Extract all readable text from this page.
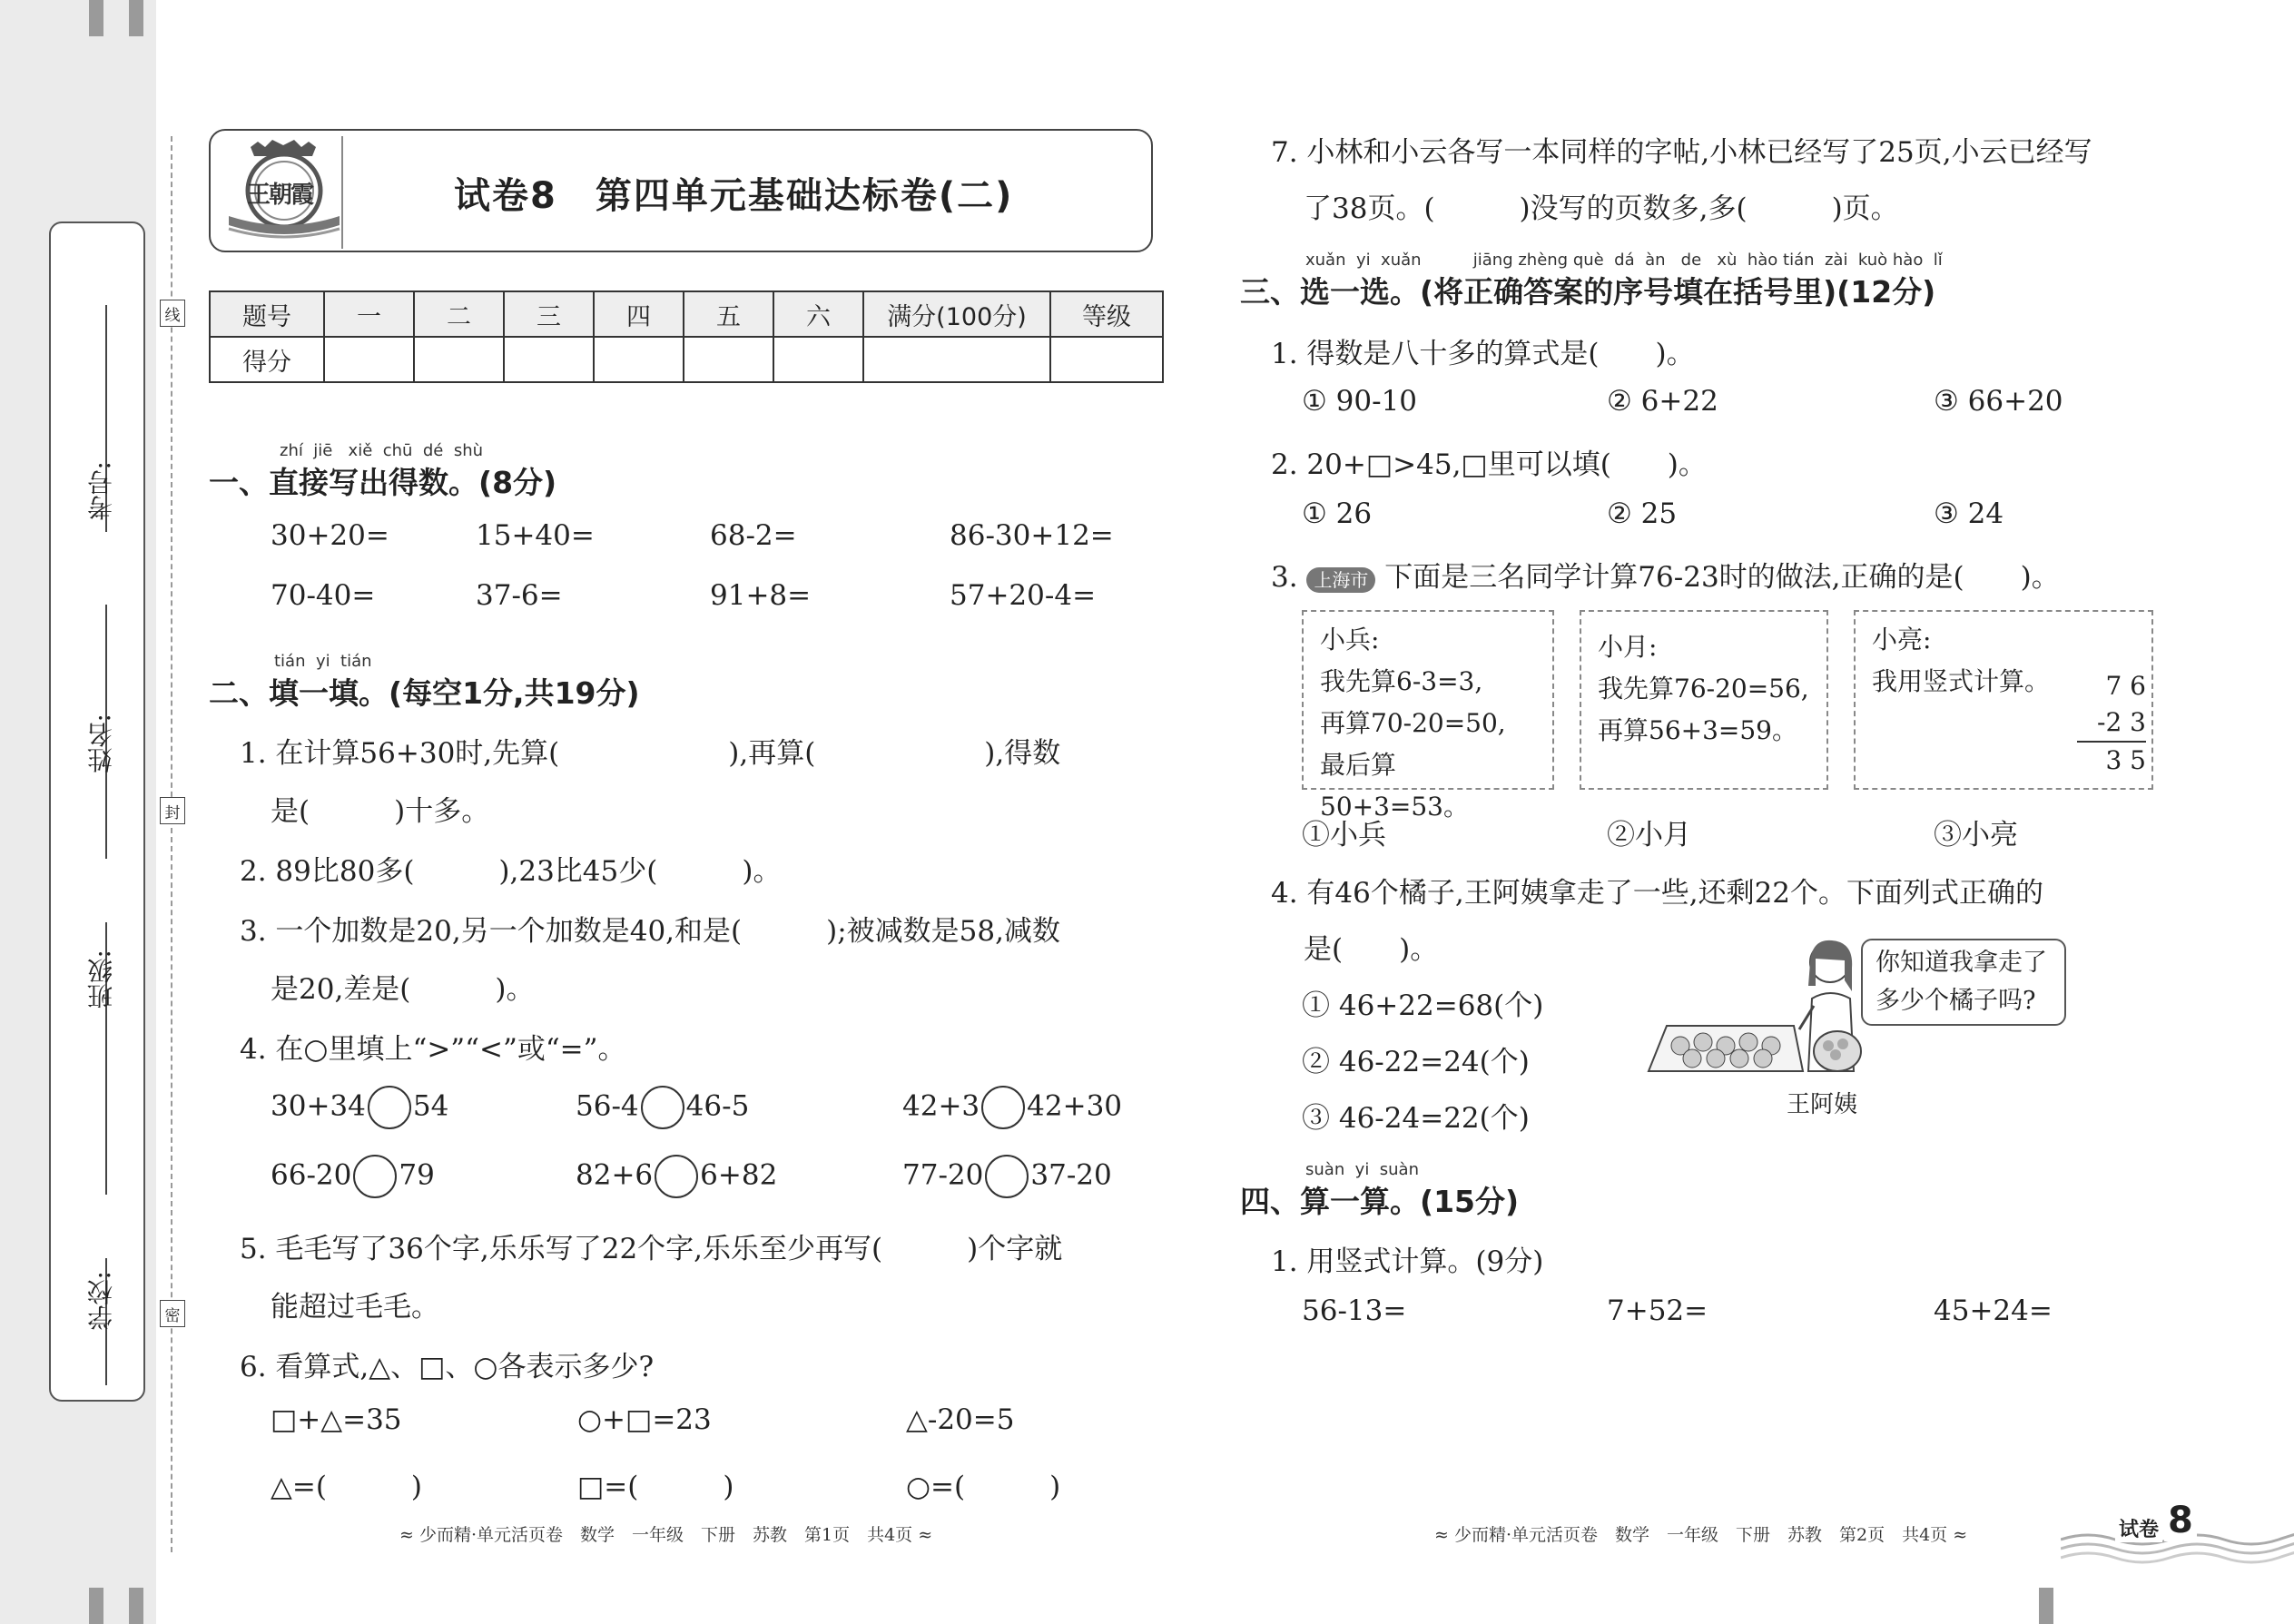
考号:
姓名:
班级:
学校:
线
封
密
王朝霞	试卷8　第四单元基础达标卷(二)
题号	一	二	三	四	五	六	满分(100分)	等级
得分								
zhí  jiē   xiě  chū  dé  shù
一、直接写出得数。(8分)
30+20=	15+40=	68-2=	86-30+12=
70-40=	37-6=	91+8=	57+20-4=
tián  yi  tián
二、填一填。(每空1分,共19分)
1. 在计算56+30时,先算(　　　　　　),再算(　　　　　　),得数
是(　　　)十多。
2. 89比80多(　　　),23比45少(　　　)。
3. 一个加数是20,另一个加数是40,和是(　　　);被减数是58,减数
是20,差是(　　　)。
4. 在○里填上“>”“<”或“=”。
30+34 54	56-4 46-5	42+3 42+30
66-20 79	82+6 6+82	77-20 37-20
5. 毛毛写了36个字,乐乐写了22个字,乐乐至少再写(　　　)个字就
能超过毛毛。
6. 看算式,△、□、○各表示多少?
□+△=35	○+□=23	△-20=5
△=(　　　)	□=(　　　)	○=(　　　)
≈ 少而精·单元活页卷　数学　一年级　下册　苏教　第1页　共4页 ≈
7. 小林和小云各写一本同样的字帖,小林已经写了25页,小云已经写
了38页。(　　　)没写的页数多,多(　　　)页。
xuǎn  yi  xuǎn          jiāng zhèng què  dá  àn   de   xù  hào tián  zài  kuò hào  lǐ
三、选一选。(将正确答案的序号填在括号里)(12分)
1. 得数是八十多的算式是(　　)。
① 90-10	② 6+22	③ 66+20
2. 20+□>45,□里可以填(　　)。
① 26	② 25	③ 24
3. 上海市 下面是三名同学计算76-23时的做法,正确的是(　　)。
小兵:
我先算6-3=3,
再算70-20=50,
最后算50+3=53。
小月:
我先算76-20=56,
再算56+3=59。
小亮:
我用竖式计算。	7 6
-2 3
3 5
①小兵	②小月	③小亮
4. 有46个橘子,王阿姨拿走了一些,还剩22个。下面列式正确的
是(　　)。
① 46+22=68(个)
② 46-22=24(个)
③ 46-24=22(个)
你知道我拿走了
多少个橘子吗?
王阿姨
suàn  yi  suàn
四、算一算。(15分)
1. 用竖式计算。(9分)
56-13=	7+52=	45+24=
≈ 少而精·单元活页卷　数学　一年级　下册　苏教　第2页　共4页 ≈	试卷 8
